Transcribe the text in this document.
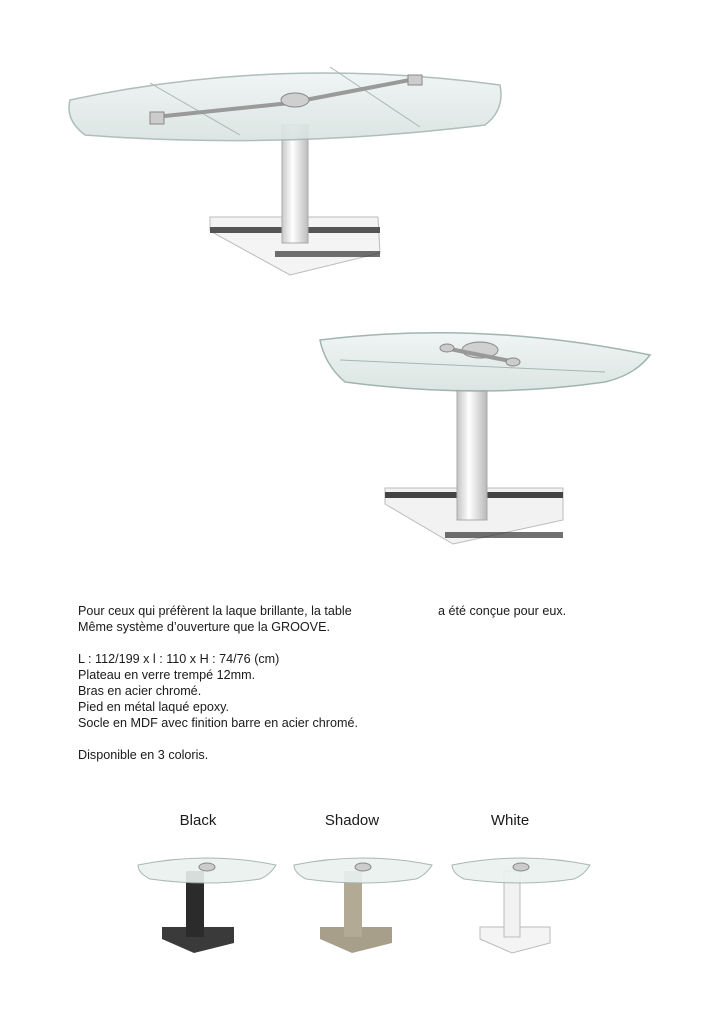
Pour ceux qui préfèrent la laque brillante, la table	a été conçue pour eux.

Même système d’ouverture que la GROOVE.

L : 112/199 x l : 110 x H : 74/76 (cm)

Plateau en verre trempé 12mm.

Bras en acier chromé.

Pied en métal laqué epoxy.

Socle en MDF avec finition barre en acier chromé.

Disponible en 3 coloris.

Black	Shadow	White
